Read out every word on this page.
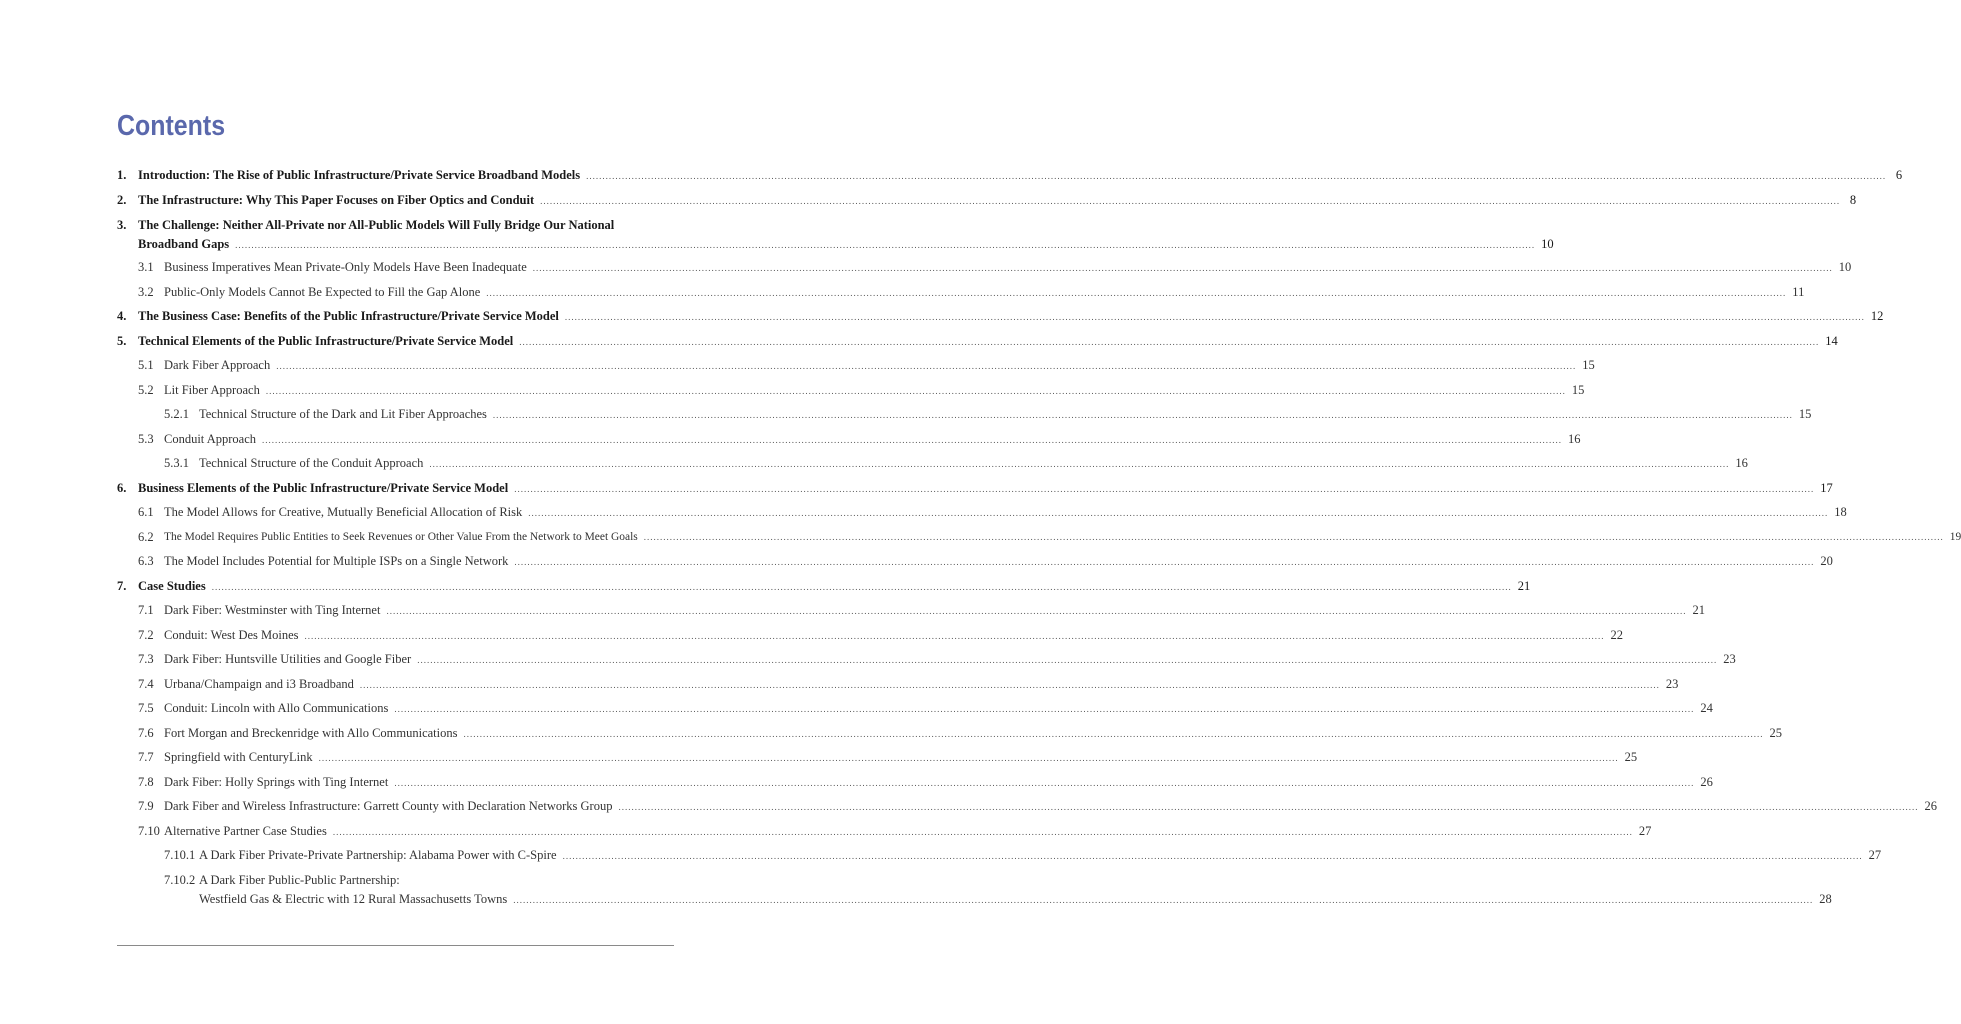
Contents
1. Introduction: The Rise of Public Infrastructure/Private Service Broadband Models ................................................................................................................................................................................................................................................................................................................................................................................................................ 6
2. The Infrastructure: Why This Paper Focuses on Fiber Optics and Conduit ................................................................................................................................................................................................................................................................................................................................................................................................................ 8
3. The Challenge: Neither All-Private nor All-Public Models Will Fully Bridge Our National
Broadband Gaps ................................................................................................................................................................................................................................................................................................................................................................................................................ 10
3.1 Business Imperatives Mean Private-Only Models Have Been Inadequate ................................................................................................................................................................................................................................................................................................................................................................................................................ 10
3.2 Public-Only Models Cannot Be Expected to Fill the Gap Alone ................................................................................................................................................................................................................................................................................................................................................................................................................ 11
4. The Business Case: Benefits of the Public Infrastructure/Private Service Model ................................................................................................................................................................................................................................................................................................................................................................................................................ 12
5. Technical Elements of the Public Infrastructure/Private Service Model ................................................................................................................................................................................................................................................................................................................................................................................................................ 14
5.1 Dark Fiber Approach ................................................................................................................................................................................................................................................................................................................................................................................................................ 15
5.2 Lit Fiber Approach ................................................................................................................................................................................................................................................................................................................................................................................................................ 15
5.2.1 Technical Structure of the Dark and Lit Fiber Approaches ................................................................................................................................................................................................................................................................................................................................................................................................................ 15
5.3 Conduit Approach ................................................................................................................................................................................................................................................................................................................................................................................................................ 16
5.3.1 Technical Structure of the Conduit Approach ................................................................................................................................................................................................................................................................................................................................................................................................................ 16
6. Business Elements of the Public Infrastructure/Private Service Model ................................................................................................................................................................................................................................................................................................................................................................................................................ 17
6.1 The Model Allows for Creative, Mutually Beneficial Allocation of Risk ................................................................................................................................................................................................................................................................................................................................................................................................................ 18
6.2 The Model Requires Public Entities to Seek Revenues or Other Value From the Network to Meet Goals ................................................................................................................................................................................................................................................................................................................................................................................................................ 19
6.3 The Model Includes Potential for Multiple ISPs on a Single Network ................................................................................................................................................................................................................................................................................................................................................................................................................ 20
7. Case Studies ................................................................................................................................................................................................................................................................................................................................................................................................................ 21
7.1 Dark Fiber: Westminster with Ting Internet ................................................................................................................................................................................................................................................................................................................................................................................................................ 21
7.2 Conduit: West Des Moines ................................................................................................................................................................................................................................................................................................................................................................................................................ 22
7.3 Dark Fiber: Huntsville Utilities and Google Fiber ................................................................................................................................................................................................................................................................................................................................................................................................................ 23
7.4 Urbana/Champaign and i3 Broadband ................................................................................................................................................................................................................................................................................................................................................................................................................ 23
7.5 Conduit: Lincoln with Allo Communications ................................................................................................................................................................................................................................................................................................................................................................................................................ 24
7.6 Fort Morgan and Breckenridge with Allo Communications ................................................................................................................................................................................................................................................................................................................................................................................................................ 25
7.7 Springfield with CenturyLink ................................................................................................................................................................................................................................................................................................................................................................................................................ 25
7.8 Dark Fiber: Holly Springs with Ting Internet ................................................................................................................................................................................................................................................................................................................................................................................................................ 26
7.9 Dark Fiber and Wireless Infrastructure: Garrett County with Declaration Networks Group ................................................................................................................................................................................................................................................................................................................................................................................................................ 26
7.10 Alternative Partner Case Studies ................................................................................................................................................................................................................................................................................................................................................................................................................ 27
7.10.1 A Dark Fiber Private-Private Partnership: Alabama Power with C-Spire ................................................................................................................................................................................................................................................................................................................................................................................................................ 27
7.10.2 A Dark Fiber Public-Public Partnership:
Westfield Gas & Electric with 12 Rural Massachusetts Towns ................................................................................................................................................................................................................................................................................................................................................................................................................ 28
